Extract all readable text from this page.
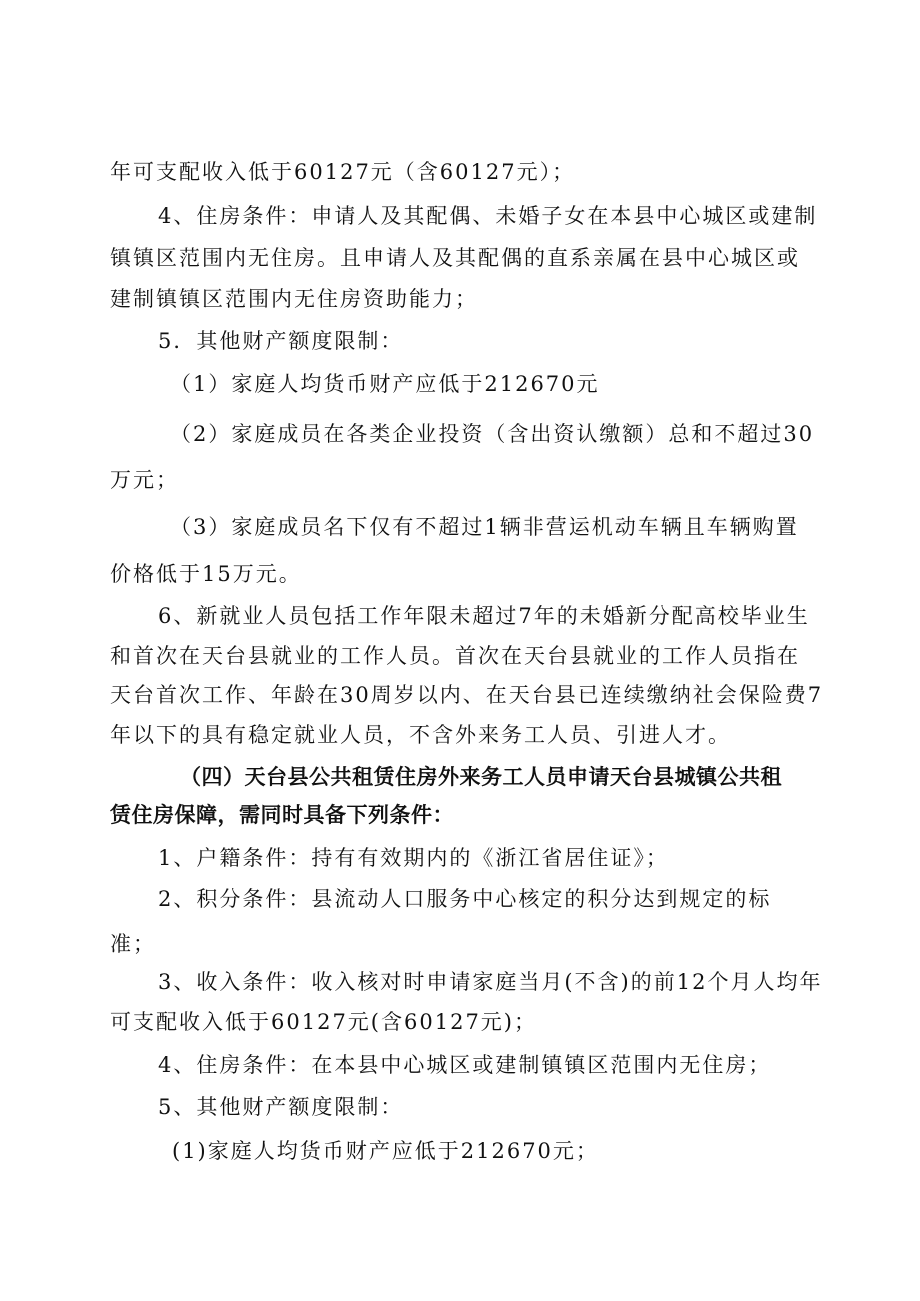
年可支配收入低于60127元（含60127元）；
4、住房条件：申请人及其配偶、未婚子女在本县中心城区或建制
镇镇区范围内无住房。且申请人及其配偶的直系亲属在县中心城区或
建制镇镇区范围内无住房资助能力；
5．其他财产额度限制：
（1）家庭人均货币财产应低于212670元
（2）家庭成员在各类企业投资（含出资认缴额）总和不超过30
万元；
（3）家庭成员名下仅有不超过1辆非营运机动车辆且车辆购置
价格低于15万元。
6、新就业人员包括工作年限未超过7年的未婚新分配高校毕业生
和首次在天台县就业的工作人员。首次在天台县就业的工作人员指在
天台首次工作、年龄在30周岁以内、在天台县已连续缴纳社会保险费7
年以下的具有稳定就业人员，不含外来务工人员、引进人才。
（四）天台县公共租赁住房外来务工人员申请天台县城镇公共租
赁住房保障，需同时具备下列条件：
1、户籍条件：持有有效期内的《浙江省居住证》；
2、积分条件：县流动人口服务中心核定的积分达到规定的标
准；
3、收入条件：收入核对时申请家庭当月(不含)的前12个月人均年
可支配收入低于60127元(含60127元)；
4、住房条件：在本县中心城区或建制镇镇区范围内无住房；
5、其他财产额度限制：
(1)家庭人均货币财产应低于212670元；
